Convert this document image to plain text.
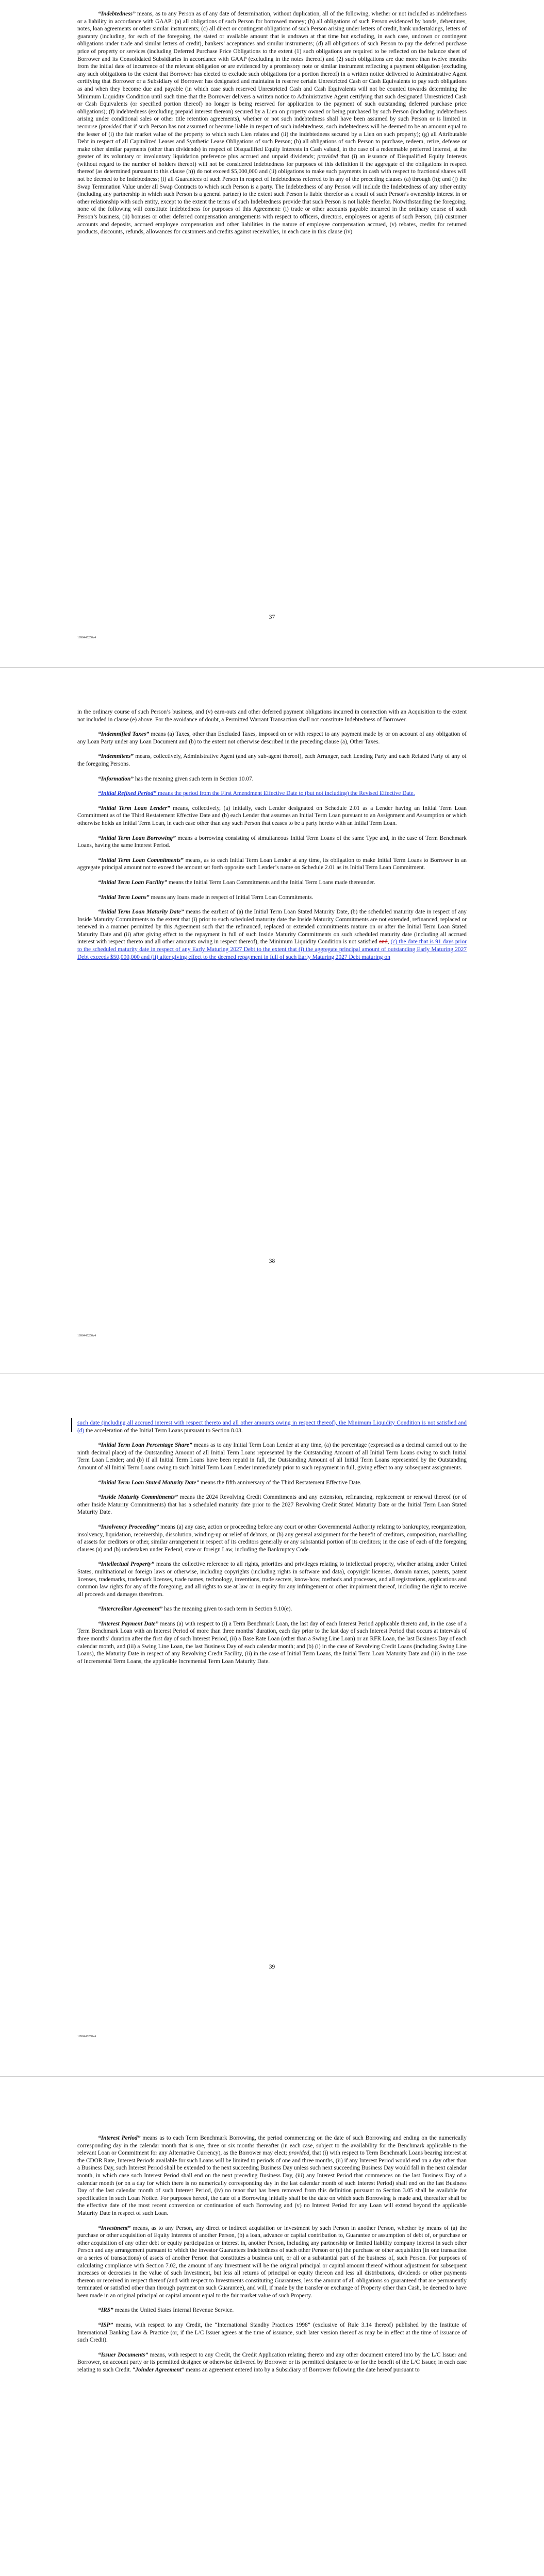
“Indebtedness” means, as to any Person as of any date of determination, without duplication, all of the following, whether or not included as indebtedness or a liability in accordance with GAAP: (a) all obligations of such Person for borrowed money; (b) all obligations of such Person evidenced by bonds, debentures, notes, loan agreements or other similar instruments; (c) all direct or contingent obligations of such Person arising under letters of credit, bank undertakings, letters of guaranty (including, for each of the foregoing, the stated or available amount that is undrawn at that time but excluding, in each case, undrawn or contingent obligations under trade and similar letters of credit), bankers’ acceptances and similar instruments; (d) all obligations of such Person to pay the deferred purchase price of property or services (including Deferred Purchase Price Obligations to the extent (1) such obligations are required to be reflected on the balance sheet of Borrower and its Consolidated Subsidiaries in accordance with GAAP (excluding in the notes thereof) and (2) such obligations are due more than twelve months from the initial date of incurrence of the relevant obligation or are evidenced by a promissory note or similar instrument reflecting a payment obligation (excluding any such obligations to the extent that Borrower has elected to exclude such obligations (or a portion thereof) in a written notice delivered to Administrative Agent certifying that Borrower or a Subsidiary of Borrower has designated and maintains in reserve certain Unrestricted Cash or Cash Equivalents to pay such obligations as and when they become due and payable (in which case such reserved Unrestricted Cash and Cash Equivalents will not be counted towards determining the Minimum Liquidity Condition until such time that the Borrower delivers a written notice to Administrative Agent certifying that such designated Unrestricted Cash or Cash Equivalents (or specified portion thereof) no longer is being reserved for application to the payment of such outstanding deferred purchase price obligations); (f) indebtedness (excluding prepaid interest thereon) secured by a Lien on property owned or being purchased by such Person (including indebtedness arising under conditional sales or other title retention agreements), whether or not such indebtedness shall have been assumed by such Person or is limited in recourse (provided that if such Person has not assumed or become liable in respect of such indebtedness, such indebtedness will be deemed to be an amount equal to the lesser of (i) the fair market value of the property to which such Lien relates and (ii) the indebtedness secured by a Lien on such property); (g) all Attributable Debt in respect of all Capitalized Leases and Synthetic Lease Obligations of such Person; (h) all obligations of such Person to purchase, redeem, retire, defease or make other similar payments (other than dividends) in respect of Disqualified Equity Interests in Cash valued, in the case of a redeemable preferred interest, at the greater of its voluntary or involuntary liquidation preference plus accrued and unpaid dividends; provided that (i) an issuance of Disqualified Equity Interests (without regard to the number of holders thereof) will not be considered Indebtedness for purposes of this definition if the aggregate of the obligations in respect thereof (as determined pursuant to this clause (h)) do not exceed $5,000,000 and (ii) obligations to make such payments in cash with respect to fractional shares will not be deemed to be Indebtedness; (i) all Guarantees of such Person in respect of Indebtedness referred to in any of the preceding clauses (a) through (h); and (j) the Swap Termination Value under all Swap Contracts to which such Person is a party. The Indebtedness of any Person will include the Indebtedness of any other entity (including any partnership in which such Person is a general partner) to the extent such Person is liable therefor as a result of such Person’s ownership interest in or other relationship with such entity, except to the extent the terms of such Indebtedness provide that such Person is not liable therefor. Notwithstanding the foregoing, none of the following will constitute Indebtedness for purposes of this Agreement: (i) trade or other accounts payable incurred in the ordinary course of such Person’s business, (ii) bonuses or other deferred compensation arrangements with respect to officers, directors, employees or agents of such Person, (iii) customer accounts and deposits, accrued employee compensation and other liabilities in the nature of employee compensation accrued, (v) rebates, credits for returned products, discounts, refunds, allowances for customers and credits against receivables, in each case in this clause (iv)

37
1990445250v4

in the ordinary course of such Person’s business, and (v) earn-outs and other deferred payment obligations incurred in connection with an Acquisition to the extent not included in clause (e) above. For the avoidance of doubt, a Permitted Warrant Transaction shall not constitute Indebtedness of Borrower.

“Indemnified Taxes” means (a) Taxes, other than Excluded Taxes, imposed on or with respect to any payment made by or on account of any obligation of any Loan Party under any Loan Document and (b) to the extent not otherwise described in the preceding clause (a), Other Taxes.

“Indemnitees” means, collectively, Administrative Agent (and any sub-agent thereof), each Arranger, each Lending Party and each Related Party of any of the foregoing Persons.

“Information” has the meaning given such term in Section 10.07.

“Initial Refixed Period” means the period from the First Amendment Effective Date to (but not including) the Revised Effective Date.

“Initial Term Loan Lender” means, collectively, (a) initially, each Lender designated on Schedule 2.01 as a Lender having an Initial Term Loan Commitment as of the Third Restatement Effective Date and (b) each Lender that assumes an Initial Term Loan pursuant to an Assignment and Assumption or which otherwise holds an Initial Term Loan, in each case other than any such Person that ceases to be a party hereto with an Initial Term Loan.

“Initial Term Loan Borrowing” means a borrowing consisting of simultaneous Initial Term Loans of the same Type and, in the case of Term Benchmark Loans, having the same Interest Period.

“Initial Term Loan Commitments” means, as to each Initial Term Loan Lender at any time, its obligation to make Initial Term Loans to Borrower in an aggregate principal amount not to exceed the amount set forth opposite such Lender’s name on Schedule 2.01 as its Initial Term Loan Commitment.

“Initial Term Loan Facility” means the Initial Term Loan Commitments and the Initial Term Loans made thereunder.

“Initial Term Loans” means any loans made in respect of Initial Term Loan Commitments.

“Initial Term Loan Maturity Date” means the earliest of (a) the Initial Term Loan Stated Maturity Date, (b) the scheduled maturity date in respect of any Inside Maturity Commitments to the extent that (i) prior to such scheduled maturity date the Inside Maturity Commitments are not extended, refinanced, replaced or renewed in a manner permitted by this Agreement such that the refinanced, replaced or extended commitments mature on or after the Initial Term Loan Stated Maturity Date and (ii) after giving effect to the repayment in full of such Inside Maturity Commitments on such scheduled maturity date (including all accrued interest with respect thereto and all other amounts owing in respect thereof), the Minimum Liquidity Condition is not satisfied and, (c) the date that is 91 days prior to the scheduled maturity date in respect of any Early Maturing 2027 Debt to the extent that (i) the aggregate principal amount of outstanding Early Maturing 2027 Debt exceeds $50,000,000 and (ii) after giving effect to the deemed repayment in full of such Early Maturing 2027 Debt maturing on

38
1990445250v4

such date (including all accrued interest with respect thereto and all other amounts owing in respect thereof), the Minimum Liquidity Condition is not satisfied and (d) the acceleration of the Initial Term Loans pursuant to Section 8.03.

“Initial Term Loan Percentage Share” means as to any Initial Term Loan Lender at any time, (a) the percentage (expressed as a decimal carried out to the ninth decimal place) of the Outstanding Amount of all Initial Term Loans represented by the Outstanding Amount of all Initial Term Loans owing to such Initial Term Loan Lender; and (b) if all Initial Term Loans have been repaid in full, the Outstanding Amount of all Initial Term Loans represented by the Outstanding Amount of all Initial Term Loans owing to such Initial Term Loan Lender immediately prior to such repayment in full, giving effect to any subsequent assignments.

“Initial Term Loan Stated Maturity Date” means the fifth anniversary of the Third Restatement Effective Date.

“Inside Maturity Commitments” means the 2024 Revolving Credit Commitments and any extension, refinancing, replacement or renewal thereof (or of other Inside Maturity Commitments) that has a scheduled maturity date prior to the 2027 Revolving Credit Stated Maturity Date or the Initial Term Loan Stated Maturity Date.

“Insolvency Proceeding” means (a) any case, action or proceeding before any court or other Governmental Authority relating to bankruptcy, reorganization, insolvency, liquidation, receivership, dissolution, winding-up or relief of debtors, or (b) any general assignment for the benefit of creditors, composition, marshalling of assets for creditors or other, similar arrangement in respect of its creditors generally or any substantial portion of its creditors; in the case of each of the foregoing clauses (a) and (b) undertaken under Federal, state or foreign Law, including the Bankruptcy Code.

“Intellectual Property” means the collective reference to all rights, priorities and privileges relating to intellectual property, whether arising under United States, multinational or foreign laws or otherwise, including copyrights (including rights in software and data), copyright licenses, domain names, patents, patent licenses, trademarks, trademark licenses, trade names, technology, inventions, trade secrets, know-how, methods and processes, and all registrations, applications and common law rights for any of the foregoing, and all rights to sue at law or in equity for any infringement or other impairment thereof, including the right to receive all proceeds and damages therefrom.

“Intercreditor Agreement” has the meaning given to such term in Section 9.10(e).

“Interest Payment Date” means (a) with respect to (i) a Term Benchmark Loan, the last day of each Interest Period applicable thereto and, in the case of a Term Benchmark Loan with an Interest Period of more than three months’ duration, each day prior to the last day of such Interest Period that occurs at intervals of three months’ duration after the first day of such Interest Period, (ii) a Base Rate Loan (other than a Swing Line Loan) or an RFR Loan, the last Business Day of each calendar month, and (iii) a Swing Line Loan, the last Business Day of each calendar month; and (b) (i) in the case of Revolving Credit Loans (including Swing Line Loans), the Maturity Date in respect of any Revolving Credit Facility, (ii) in the case of Initial Term Loans, the Initial Term Loan Maturity Date and (iii) in the case of Incremental Term Loans, the applicable Incremental Term Loan Maturity Date.

39
1990445250v4

“Interest Period” means as to each Term Benchmark Borrowing, the period commencing on the date of such Borrowing and ending on the numerically corresponding day in the calendar month that is one, three or six months thereafter (in each case, subject to the availability for the Benchmark applicable to the relevant Loan or Commitment for any Alternative Currency), as the Borrower may elect; provided, that (i) with respect to Term Benchmark Loans bearing interest at the CDOR Rate, Interest Periods available for such Loans will be limited to periods of one and three months, (ii) if any Interest Period would end on a day other than a Business Day, such Interest Period shall be extended to the next succeeding Business Day unless such next succeeding Business Day would fall in the next calendar month, in which case such Interest Period shall end on the next preceding Business Day, (iii) any Interest Period that commences on the last Business Day of a calendar month (or on a day for which there is no numerically corresponding day in the last calendar month of such Interest Period) shall end on the last Business Day of the last calendar month of such Interest Period, (iv) no tenor that has been removed from this definition pursuant to Section 3.05 shall be available for specification in such Loan Notice. For purposes hereof, the date of a Borrowing initially shall be the date on which such Borrowing is made and, thereafter shall be the effective date of the most recent conversion or continuation of such Borrowing and (v) no Interest Period for any Loan will extend beyond the applicable Maturity Date in respect of such Loan.

“Investment” means, as to any Person, any direct or indirect acquisition or investment by such Person in another Person, whether by means of (a) the purchase or other acquisition of Equity Interests of another Person, (b) a loan, advance or capital contribution to, Guarantee or assumption of debt of, or purchase or other acquisition of any other debt or equity participation or interest in, another Person, including any partnership or limited liability company interest in such other Person and any arrangement pursuant to which the investor Guarantees Indebtedness of such other Person or (c) the purchase or other acquisition (in one transaction or a series of transactions) of assets of another Person that constitutes a business unit, or all or a substantial part of the business of, such Person. For purposes of calculating compliance with Section 7.02, the amount of any Investment will be the original principal or capital amount thereof without adjustment for subsequent increases or decreases in the value of such Investment, but less all returns of principal or equity thereon and less all distributions, dividends or other payments thereon or received in respect thereof (and with respect to Investments constituting Guarantees, less the amount of all obligations so guaranteed that are permanently terminated or satisfied other than through payment on such Guarantee), and will, if made by the transfer or exchange of Property other than Cash, be deemed to have been made in an original principal or capital amount equal to the fair market value of such Property.

“IRS” means the United States Internal Revenue Service.

“ISP” means, with respect to any Credit, the “International Standby Practices 1998” (exclusive of Rule 3.14 thereof) published by the Institute of International Banking Law & Practice (or, if the L/C Issuer agrees at the time of issuance, such later version thereof as may be in effect at the time of issuance of such Credit).

“Issuer Documents” means, with respect to any Credit, the Credit Application relating thereto and any other document entered into by the L/C Issuer and Borrower, on account party or its permitted designee or otherwise delivered by Borrower or its permitted designee to or for the benefit of the L/C Issuer, in each case relating to such Credit. “Joinder Agreement” means an agreement entered into by a Subsidiary of Borrower following the date hereof pursuant to
